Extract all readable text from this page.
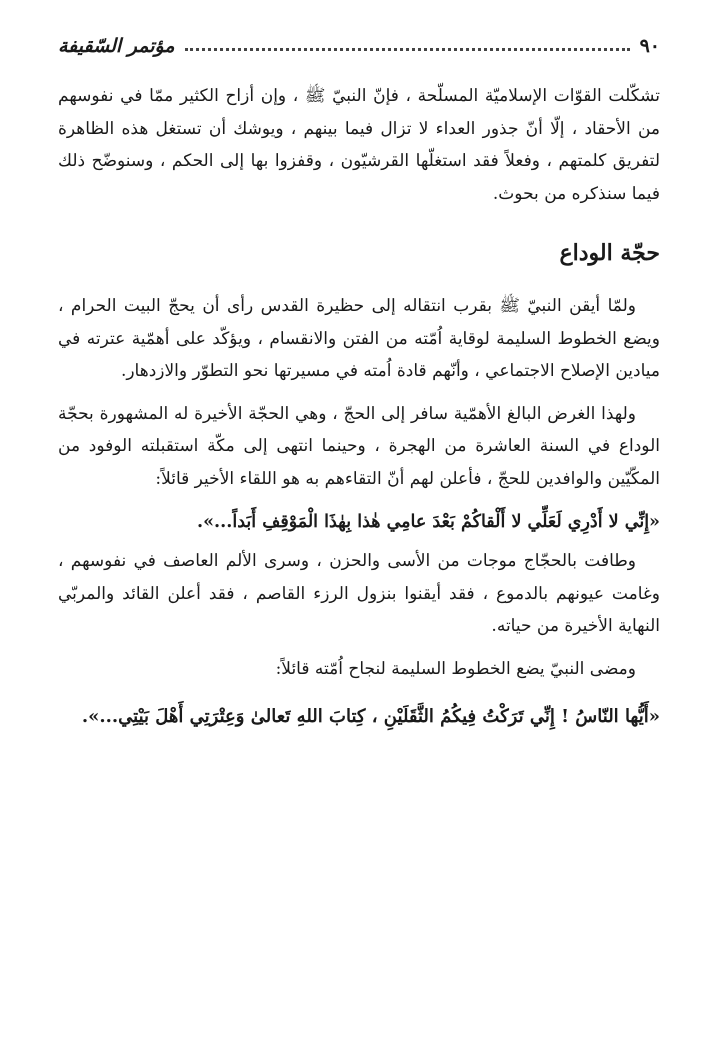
٩٠
مؤتمر السّقيفة

تشكّلت القوّات الإسلاميّة المسلّحة ، فإنّ النبيّ ﷺ ، وإن أزاح الكثير ممّا في نفوسهم من الأحقاد ، إلّا أنّ جذور العداء لا تزال فيما بينهم ، ويوشك أن تستغل هذه الظاهرة لتفريق كلمتهم ، وفعلاً فقد استغلّها القرشيّون ، وقفزوا بها إلى الحكم ، وسنوضّح ذلك فيما سنذكره من بحوث.

حجّة الوداع

ولمّا أيقن النبيّ ﷺ بقرب انتقاله إلى حظيرة القدس رأى أن يحجّ البيت الحرام ، ويضع الخطوط السليمة لوقاية اُمّته من الفتن والانقسام ، ويؤكّد على أهمّية عترته في ميادين الإصلاح الاجتماعي ، وأنّهم قادة اُمته في مسيرتها نحو التطوّر والازدهار.

ولهذا الغرض البالغ الأهمّية سافر إلى الحجّ ، وهي الحجّة الأخيرة له المشهورة بحجّة الوداع في السنة العاشرة من الهجرة ، وحينما انتهى إلى مكّة استقبلته الوفود من المكّيّين والوافدين للحجّ ، فأعلن لهم أنّ التقاءهم به هو اللقاء الأخير قائلاً:

«إِنِّي لا أَدْرِي لَعَلِّي لا أَلْقاكُمْ بَعْدَ عامِي هٰذا بِهٰذَا الْمَوْقِفِ أَبَداً...».

وطافت بالحجّاج موجات من الأسى والحزن ، وسرى الألم العاصف في نفوسهم ، وغامت عيونهم بالدموع ، فقد أيقنوا بنزول الرزء القاصم ، فقد أعلن القائد والمربّي النهاية الأخيرة من حياته.

ومضى النبيّ يضع الخطوط السليمة لنجاح اُمّته قائلاً:

«أَيُّها النّاسُ ! إِنِّي تَرَكْتُ فِيكُمُ الثَّقَلَيْنِ ، كِتابَ اللهِ تَعالىٰ وَعِتْرَتِي أَهْلَ بَيْتِي...».
